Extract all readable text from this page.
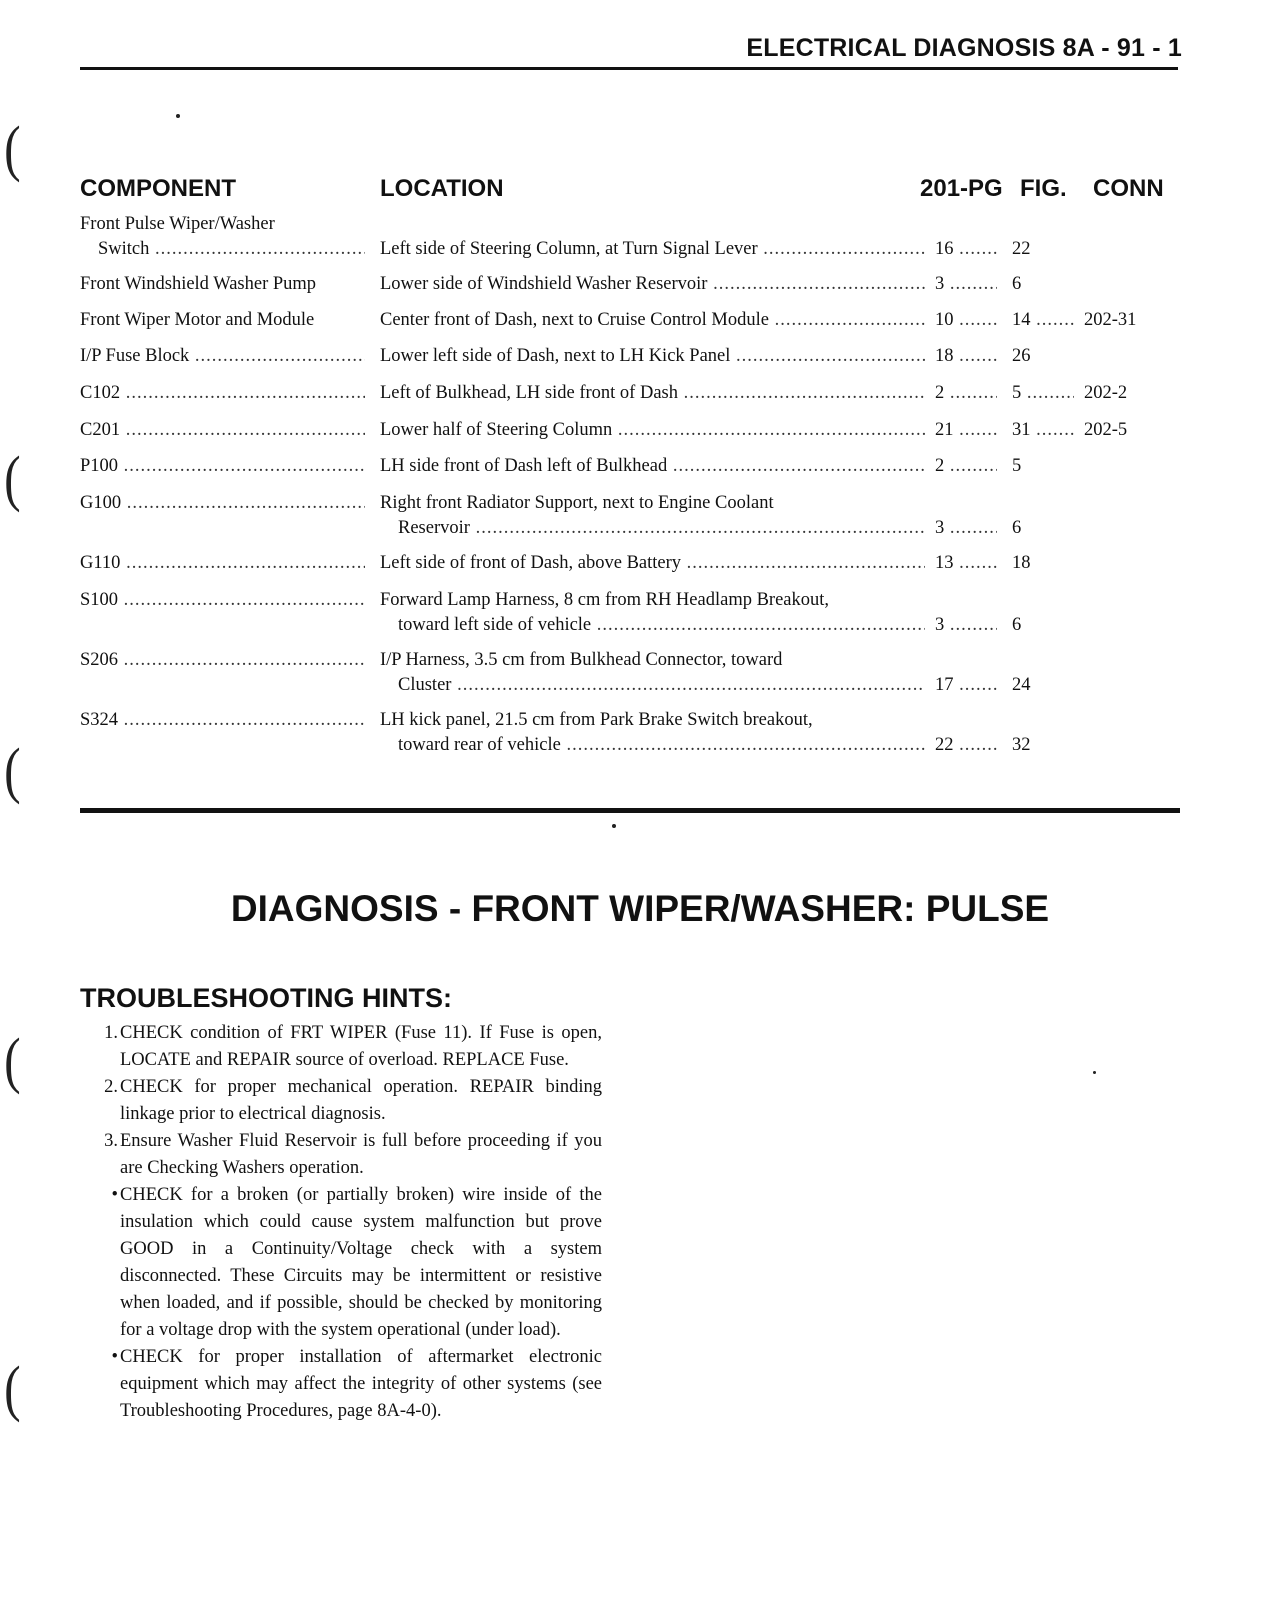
ELECTRICAL DIAGNOSIS 8A - 91 - 1
(
(
(
(
(
COMPONENT	LOCATION	201-PG FIG. CONN
Front Pulse Wiper/Washer
Switch .....	Left side of Steering Column, at Turn Signal Lever .....	16 .....	22
Front Windshield Washer Pump	Lower side of Windshield Washer Reservoir .....	3 .....	6
Front Wiper Motor and Module	Center front of Dash, next to Cruise Control Module .....	10 .....	14 .....	202-31
I/P Fuse Block .....	Lower left side of Dash, next to LH Kick Panel .....	18 .....	26
C102 .....	Left of Bulkhead, LH side front of Dash .....	2 .....	5 .....	202-2
C201 .....	Lower half of Steering Column .....	21 .....	31 .....	202-5
P100 .....	LH side front of Dash left of Bulkhead .....	2 .....	5
G100 .....	Right front Radiator Support, next to Engine Coolant
Reservoir .....	3 .....	6
G110 .....	Left side of front of Dash, above Battery .....	13 .....	18
S100 .....	Forward Lamp Harness, 8 cm from RH Headlamp Breakout,
toward left side of vehicle .....	3 .....	6
S206 .....	I/P Harness, 3.5 cm from Bulkhead Connector, toward
Cluster .....	17 .....	24
S324 .....	LH kick panel, 21.5 cm from Park Brake Switch breakout,
toward rear of vehicle .....	22 .....	32
DIAGNOSIS - FRONT WIPER/WASHER: PULSE
TROUBLESHOOTING HINTS:
1. CHECK condition of FRT WIPER (Fuse 11). If Fuse is open, LOCATE and REPAIR source of overload. REPLACE Fuse.
2. CHECK for proper mechanical operation. REPAIR binding linkage prior to electrical diagnosis.
3. Ensure Washer Fluid Reservoir is full before proceeding if you are Checking Washers operation.
• CHECK for a broken (or partially broken) wire inside of the insulation which could cause system malfunction but prove GOOD in a Continuity/Voltage check with a system disconnected. These Circuits may be intermittent or resistive when loaded, and if possible, should be checked by monitoring for a voltage drop with the system operational (under load).
• CHECK for proper installation of aftermarket electronic equipment which may affect the integrity of other systems (see Troubleshooting Procedures, page 8A-4-0).
